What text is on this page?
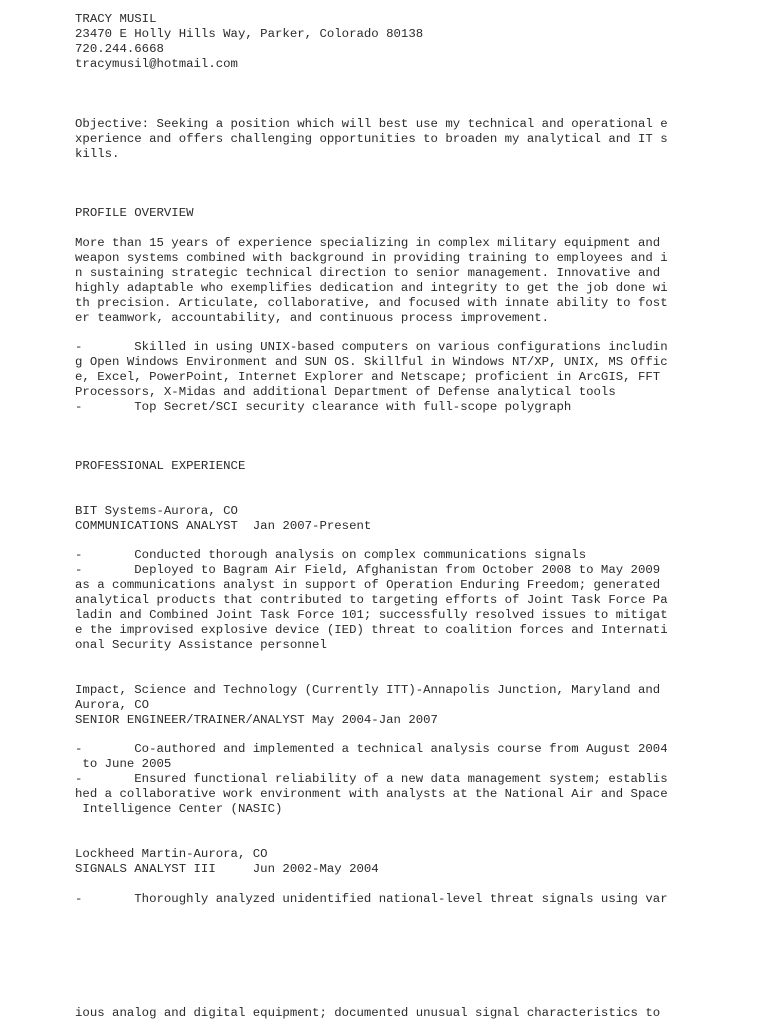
TRACY MUSIL

23470 E Holly Hills Way, Parker, Colorado 80138

720.244.6668

tracymusil@hotmail.com

Objective: Seeking a position which will best use my technical and operational e

xperience and offers challenging opportunities to broaden my analytical and IT s

kills.

PROFILE OVERVIEW

More than 15 years of experience specializing in complex military equipment and

weapon systems combined with background in providing training to employees and i

n sustaining strategic technical direction to senior management. Innovative and

highly adaptable who exemplifies dedication and integrity to get the job done wi

th precision. Articulate, collaborative, and focused with innate ability to fost

er teamwork, accountability, and continuous process improvement.

-       Skilled in using UNIX-based computers on various configurations includin

g Open Windows Environment and SUN OS. Skillful in Windows NT/XP, UNIX, MS Offic

e, Excel, PowerPoint, Internet Explorer and Netscape; proficient in ArcGIS, FFT

Processors, X-Midas and additional Department of Defense analytical tools

-       Top Secret/SCI security clearance with full-scope polygraph

PROFESSIONAL EXPERIENCE

BIT Systems-Aurora, CO

COMMUNICATIONS ANALYST  Jan 2007-Present

-       Conducted thorough analysis on complex communications signals

-       Deployed to Bagram Air Field, Afghanistan from October 2008 to May 2009

as a communications analyst in support of Operation Enduring Freedom; generated

analytical products that contributed to targeting efforts of Joint Task Force Pa

ladin and Combined Joint Task Force 101; successfully resolved issues to mitigat

e the improvised explosive device (IED) threat to coalition forces and Internati

onal Security Assistance personnel

Impact, Science and Technology (Currently ITT)-Annapolis Junction, Maryland and

Aurora, CO

SENIOR ENGINEER/TRAINER/ANALYST May 2004-Jan 2007

-       Co-authored and implemented a technical analysis course from August 2004

to June 2005

-       Ensured functional reliability of a new data management system; establis

hed a collaborative work environment with analysts at the National Air and Space

Intelligence Center (NASIC)

Lockheed Martin-Aurora, CO

SIGNALS ANALYST III     Jun 2002-May 2004

-       Thoroughly analyzed unidentified national-level threat signals using var

ious analog and digital equipment; documented unusual signal characteristics to
